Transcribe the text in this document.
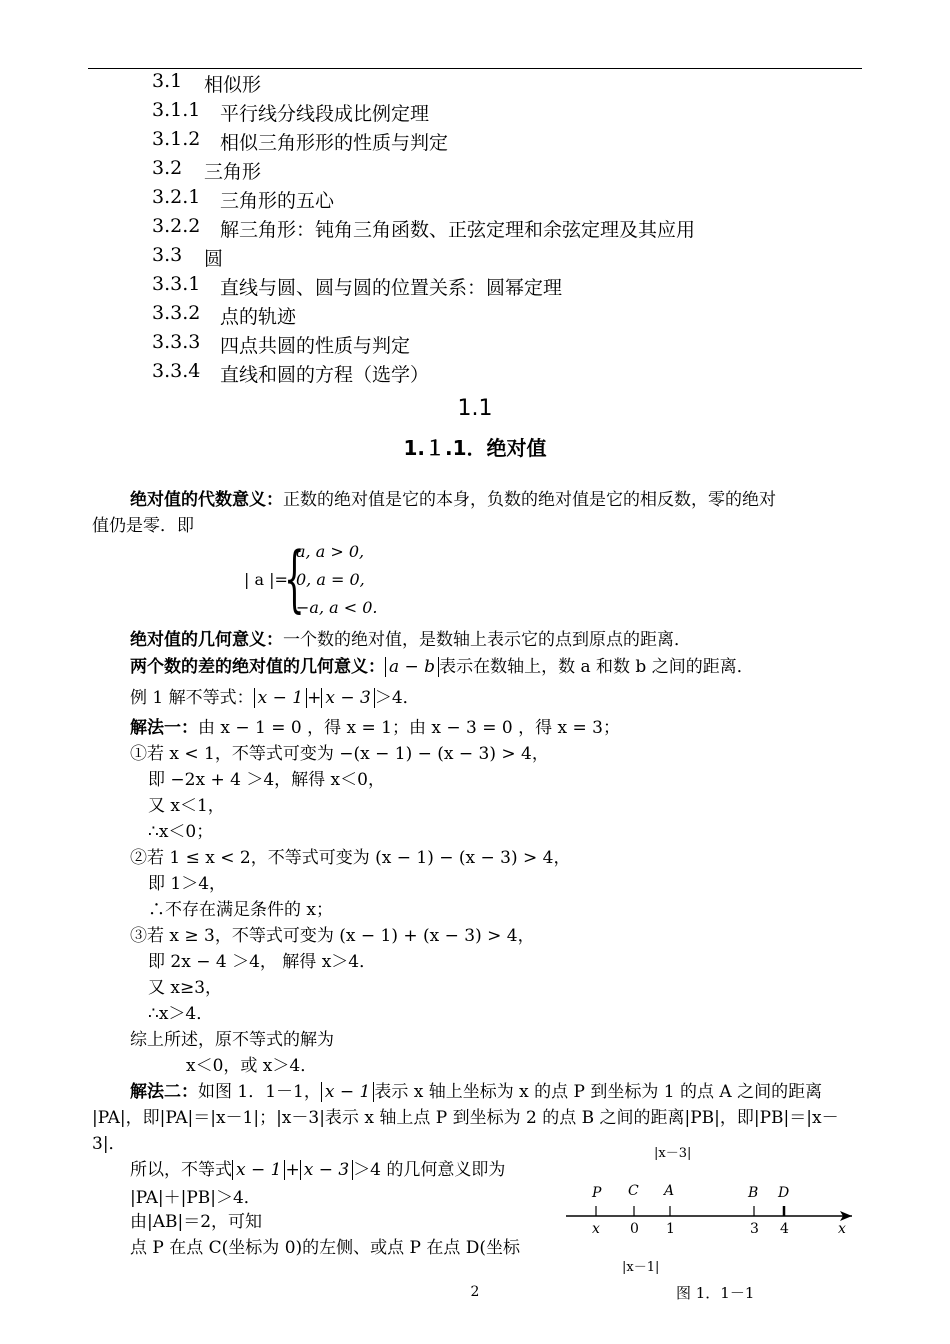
3.1 相似形
3.1.1 平行线分线段成比例定理
3.1.2 相似三角形形的性质与判定
3.2 三角形
3.2.1 三角形的五心
3.2.2 解三角形：钝角三角函数、正弦定理和余弦定理及其应用
3.3 圆
3.3.1 直线与圆、圆与圆的位置关系：圆幂定理
3.3.2 点的轨迹
3.3.3 四点共圆的性质与判定
3.3.4 直线和圆的方程（选学）
1.1
1.１.1．绝对值
绝对值的代数意义：正数的绝对值是它的本身，负数的绝对值是它的相反数，零的绝对
值仍是零．即
| a |=
{
a, a > 0,
0, a = 0,
−a, a < 0.
绝对值的几何意义：一个数的绝对值，是数轴上表示它的点到原点的距离．
两个数的差的绝对值的几何意义： a − b 表示在数轴上，数 a 和数 b 之间的距离．
例 1 解不等式： x − 1 + x − 3 ＞4．
解法一：由 x − 1 = 0 ，得 x = 1；由 x − 3 = 0 ，得 x = 3；
①若 x < 1，不等式可变为 −(x − 1) − (x − 3) > 4，
即 −2x + 4 ＞4，解得 x＜0，
又 x＜1，
∴x＜0；
②若 1 ≤ x < 2，不等式可变为 (x − 1) − (x − 3) > 4，
即 1＞4，
∴不存在满足条件的 x；
③若 x ≥ 3，不等式可变为 (x − 1) + (x − 3) > 4，
即 2x − 4 ＞4， 解得 x＞4．
又 x≥3，
∴x＞4．
综上所述，原不等式的解为
x＜0，或 x＞4．
解法二：如图 1．1－1， x − 1 表示 x 轴上坐标为 x 的点 P 到坐标为 1 的点 A 之间的距离
|PA|，即|PA|＝|x－1|；|x－3|表示 x 轴上点 P 到坐标为 2 的点 B 之间的距离|PB|，即|PB|＝|x－
3|．
所以，不等式 x − 1 + x − 3 ＞4 的几何意义即为
|PA|＋|PB|＞4．
由|AB|＝2，可知
点 P 在点 C(坐标为 0)的左侧、或点 P 在点 D(坐标
|x－3|
P C A	B D
x 0 1	3 4	x
|x－1|
图 1．1－1
2
